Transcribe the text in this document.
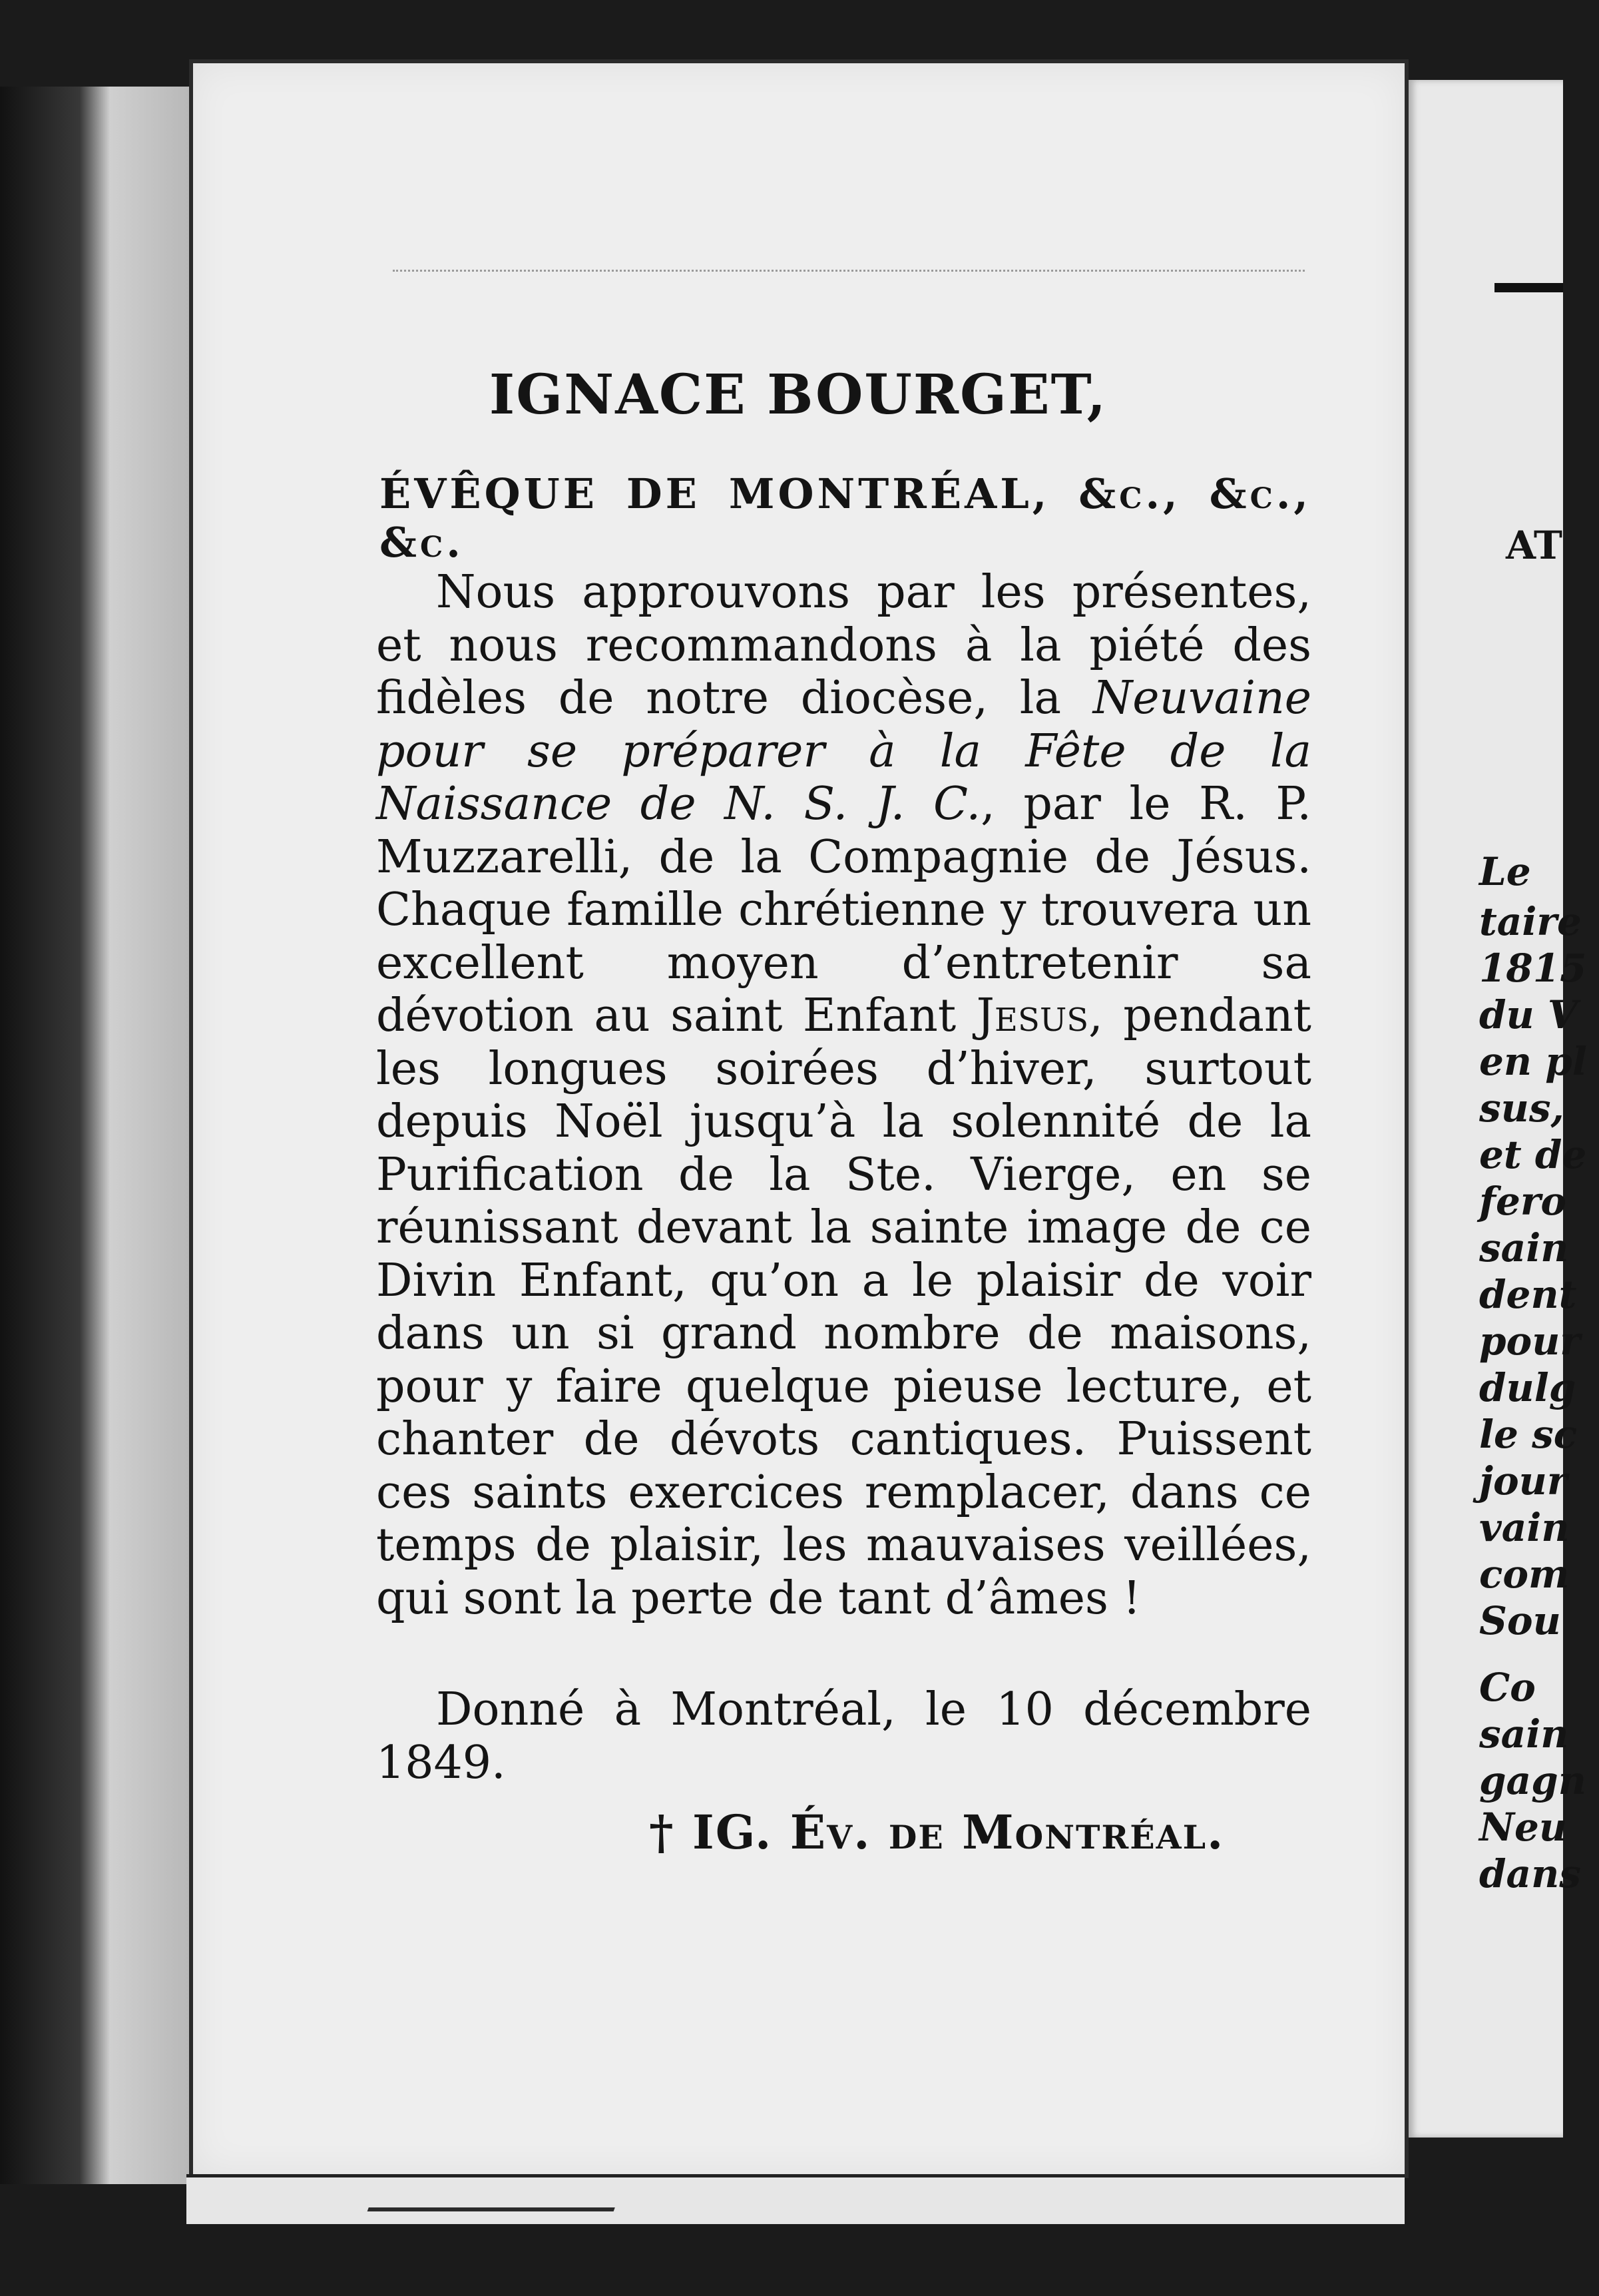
AT
Le
taire
1815
du V
en pl
sus,
et de
fero
sain
dent
pour
dulg
le sc
jour
vain
com
Sou
Co
sain
gagn
Neu
dans
IGNACE BOURGET,
ÉVÊQUE DE MONTRÉAL, &c., &c., &c.

Nous approuvons par les présentes, et nous recommandons à la piété des fidèles de notre diocèse, la Neuvaine pour se préparer à la Fête de la Naissance de N. S. J. C., par le R. P. Muzzarelli, de la Compagnie de Jésus. Chaque famille chrétienne y trouvera un excellent moyen d’entretenir sa dévotion au saint Enfant Jesus, pendant les longues soirées d’hiver, surtout depuis Noël jusqu’à la solennité de la Purification de la Ste. Vierge, en se réunissant devant la sainte image de ce Divin Enfant, qu’on a le plaisir de voir dans un si grand nombre de maisons, pour y faire quelque pieuse lecture, et chanter de dévots cantiques. Puissent ces saints exercices remplacer, dans ce temps de plaisir, les mauvaises veillées, qui sont la perte de tant d’âmes !

Donné à Montréal, le 10 décembre 1849.

† IG. Év. de Montréal.
